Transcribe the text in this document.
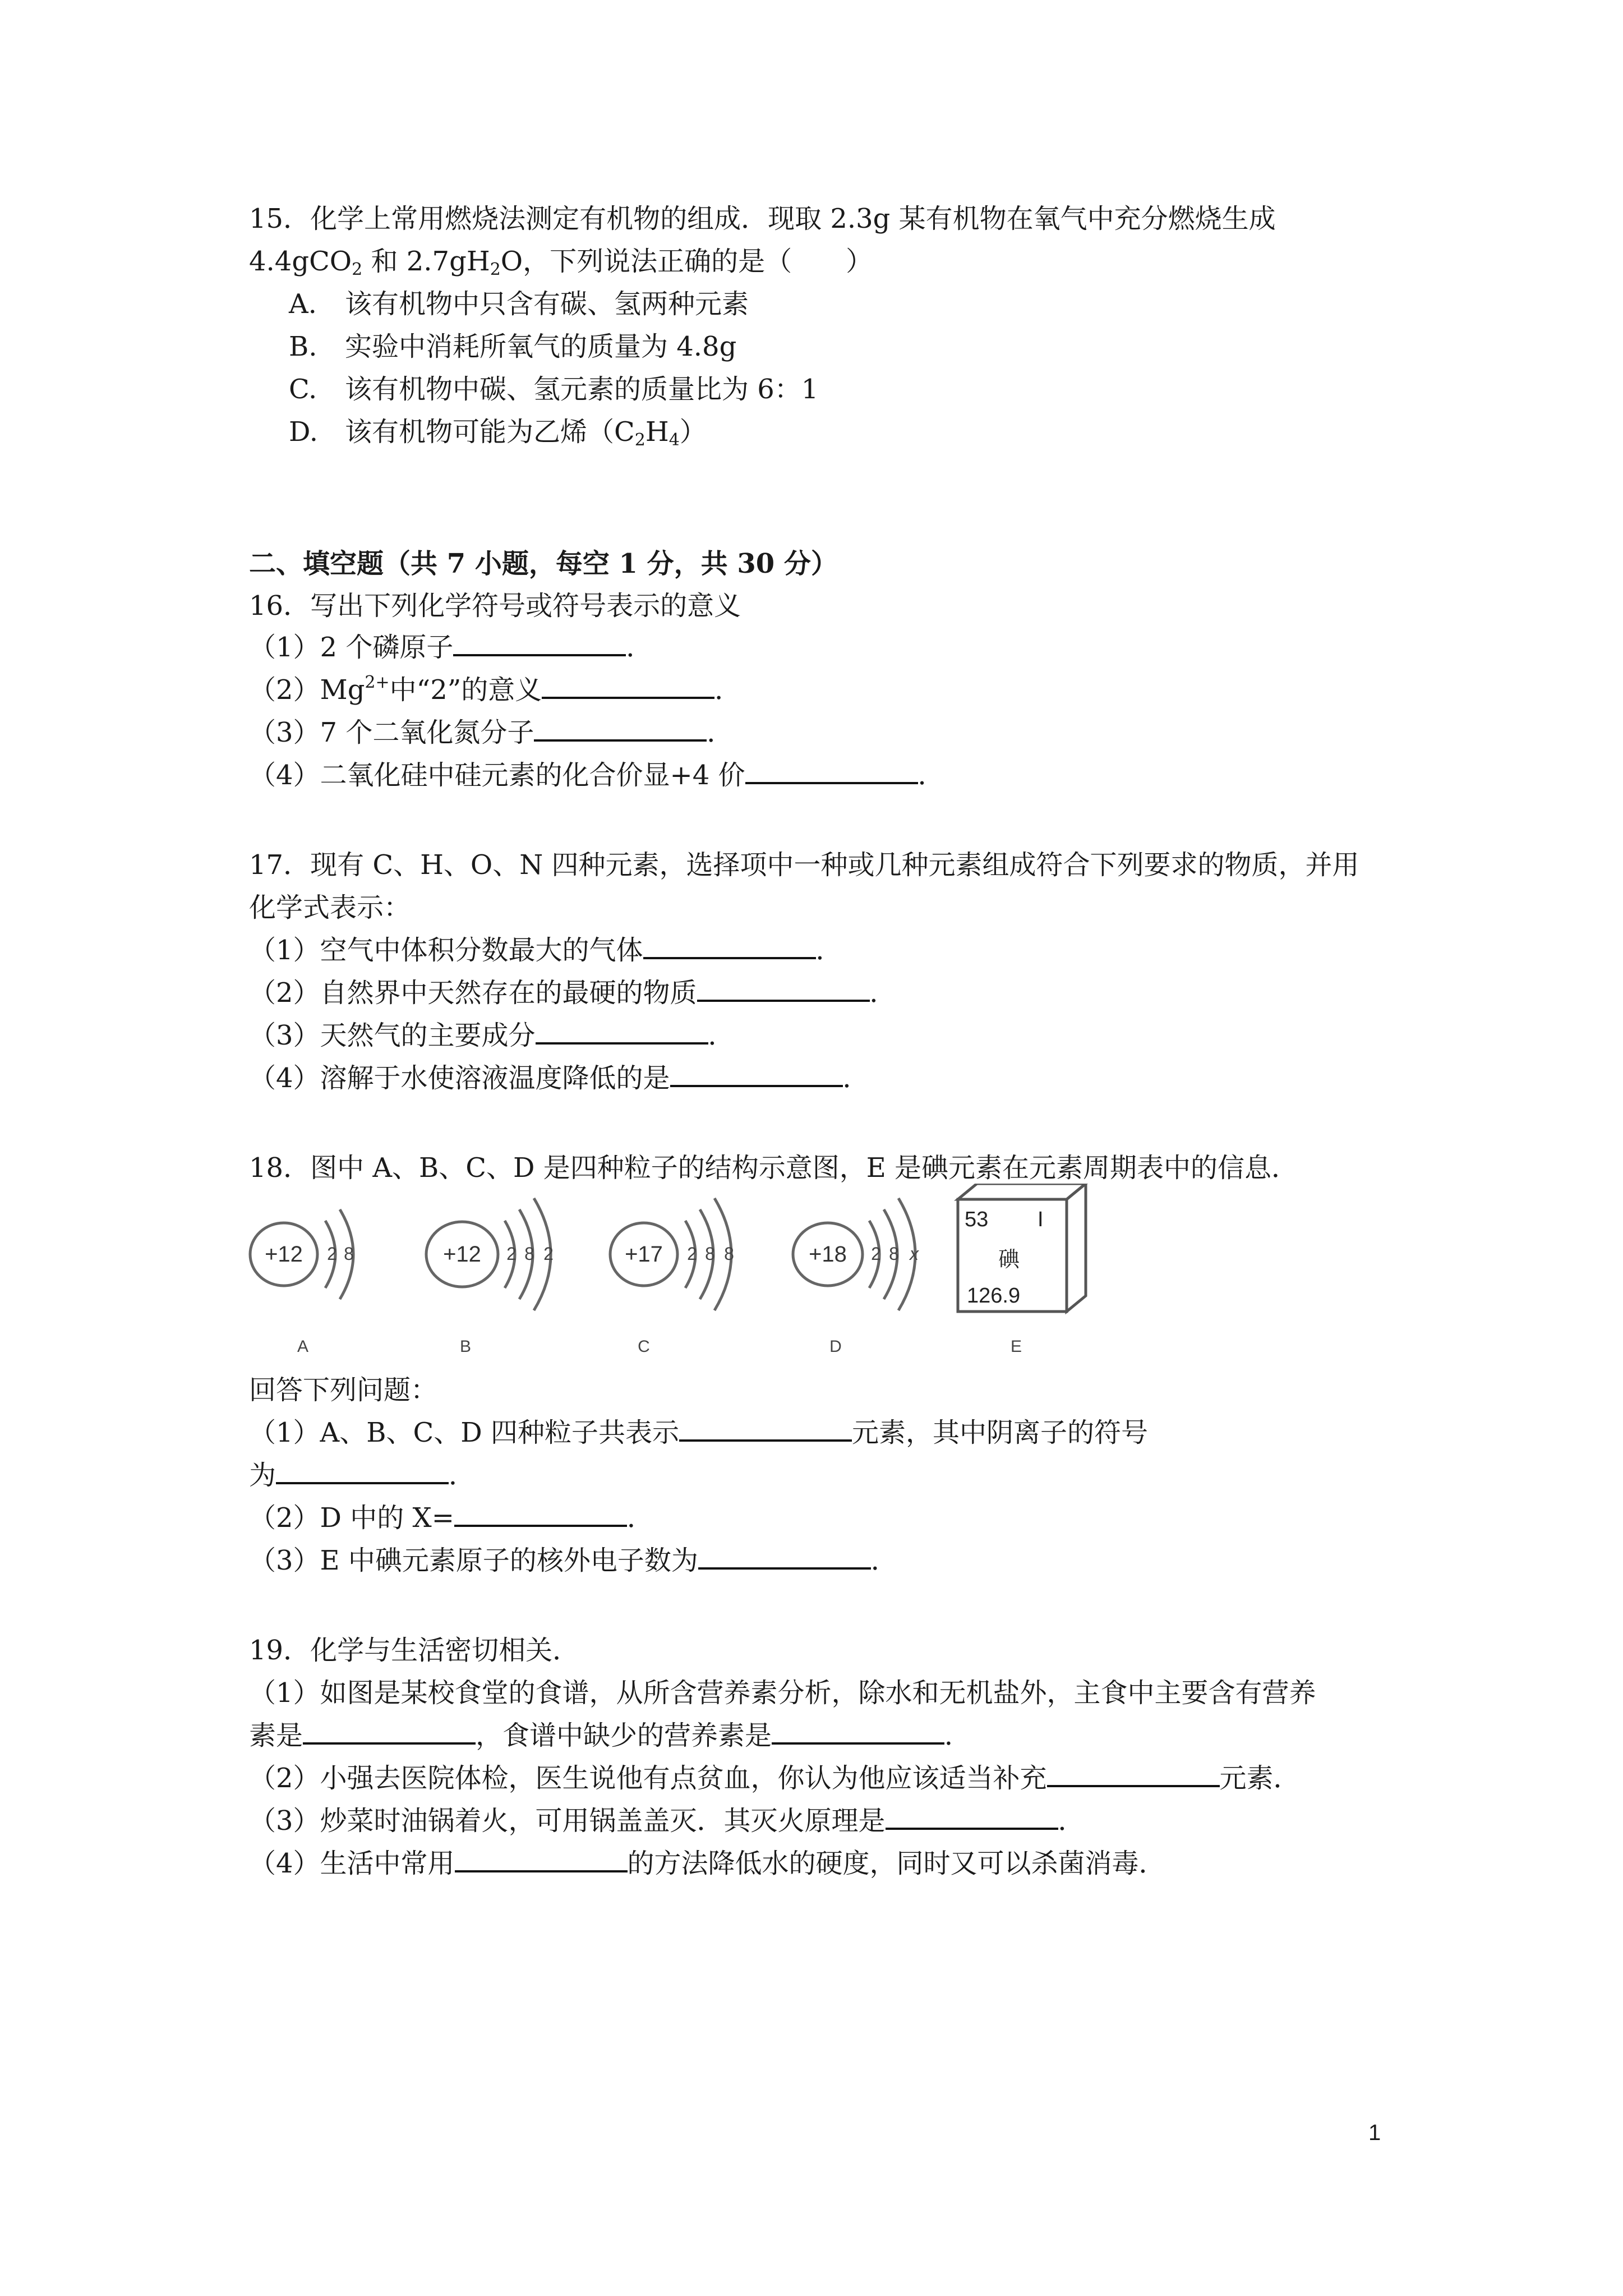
15．化学上常用燃烧法测定有机物的组成．现取 2.3g 某有机物在氧气中充分燃烧生成
4.4gCO$_2$ 和 $2.7gH_2O$，下列说法正确的是（　　）
A. 该有机物中只含有碳、氢两种元素
B. 实验中消耗所氧气的质量为 4.8g
C. 该有机物中碳、氢元素的质量比为 6：1
D. 该有机物可能为乙烯$(C_2H_4)$
二、填空题（共 7 小题，每空 1 分，共 30 分）
16．写出下列化学符号或符号表示的意义
（1）2 个磷原子	．
$(2)Mg^{2+}$中“2”的意义	．
（3）7 个二氧化氮分子	．
（4）二氧化硅中硅元素的化合价显+4 价	．
17．现有 C、H、O、N 四种元素，选择项中一种或几种元素组成符合下列要求的物质，并用
化学式表示：
（1）空气中体积分数最大的气体	．
（2）自然界中天然存在的最硬的物质	．
（3）天然气的主要成分	．
（4）溶解于水使溶液温度降低的是	．
18．图中 A、B、C、D 是四种粒子的结构示意图，E 是碘元素在元素周期表中的信息．
+12	+12	+17	+18
2 8	2 8 2	2 8 8	2 8 x
A	B	C	D	E
53 I
碘
126.9
回答下列问题：
（1）A、B、C、D 四种粒子共表示	元素，其中阴离子的符号
为	．
（2）D 中的 X=	．
（3）E 中碘元素原子的核外电子数为	．
19．化学与生活密切相关．
（1）如图是某校食堂的食谱，从所含营养素分析，除水和无机盐外，主食中主要含有营养
素是	，食谱中缺少的营养素是	．
（2）小强去医院体检，医生说他有点贫血，你认为他应该适当补充	元素．
（3）炒菜时油锅着火，可用锅盖盖灭．其灭火原理是	．
（4）生活中常用	的方法降低水的硬度，同时又可以杀菌消毒．
1
